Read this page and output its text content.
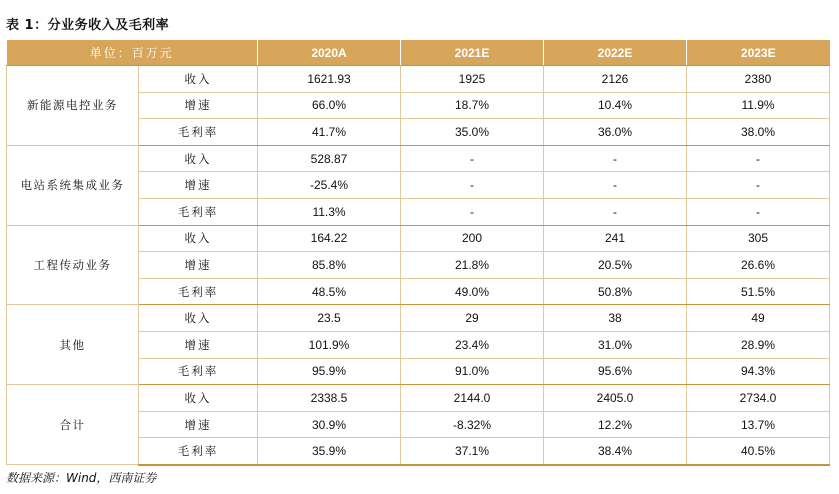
表 1：分业务收入及毛利率
单位：百万元		2020A	2021E	2022E	2023E
新能源电控业务	收入	1621.93	1925	2126	2380
	增速	66.0%	18.7%	10.4%	11.9%
	毛利率	41.7%	35.0%	36.0%	38.0%
电站系统集成业务	收入	528.87	-	-	-
	增速	-25.4%	-	-	-
	毛利率	11.3%	-	-	-
工程传动业务	收入	164.22	200	241	305
	增速	85.8%	21.8%	20.5%	26.6%
	毛利率	48.5%	49.0%	50.8%	51.5%
其他	收入	23.5	29	38	49
	增速	101.9%	23.4%	31.0%	28.9%
	毛利率	95.9%	91.0%	95.6%	94.3%
合计	收入	2338.5	2144.0	2405.0	2734.0
	增速	30.9%	-8.32%	12.2%	13.7%
	毛利率	35.9%	37.1%	38.4%	40.5%
数据来源：Wind，西南证券
